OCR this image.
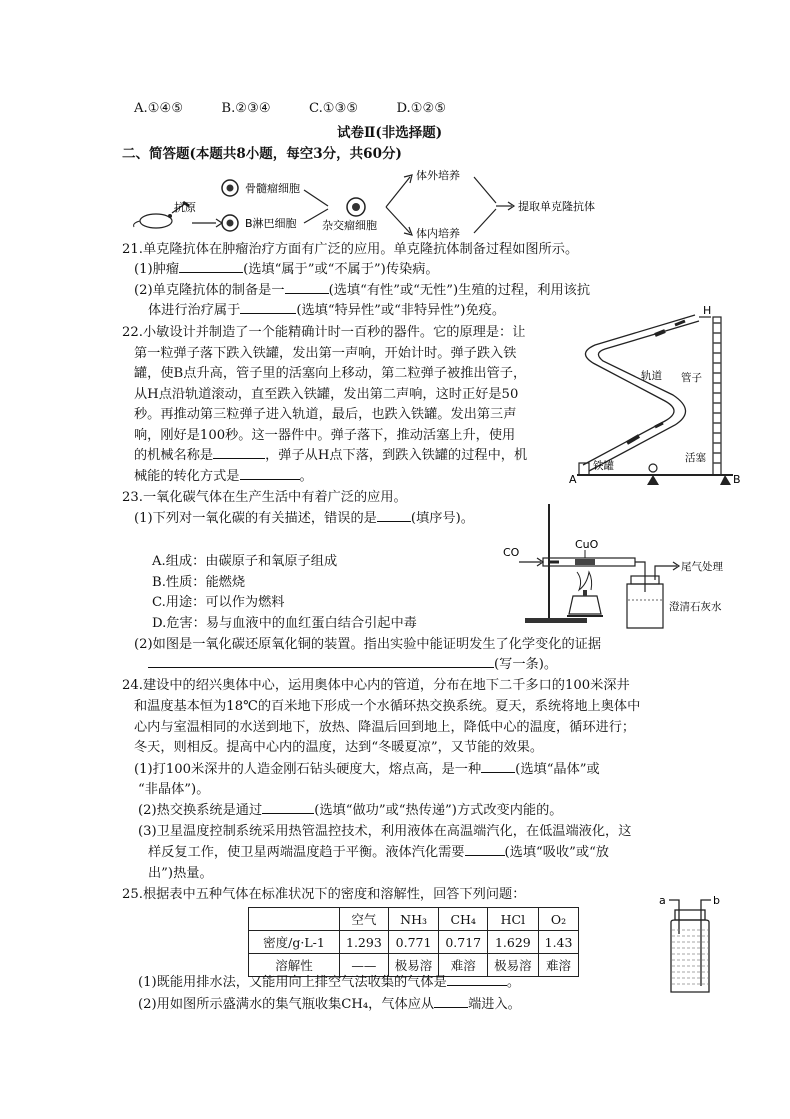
A.①④⑤	B.②③④	C.①③⑤	D.①②⑤
试卷Ⅱ(非选择题)
二、简答题(本题共8小题，每空3分，共60分)
抗原
骨髓瘤细胞
B淋巴细胞 杂交瘤细胞
体外培养
体内培养
提取单克隆抗体
21.单克隆抗体在肿瘤治疗方面有广泛的应用。单克隆抗体制备过程如图所示。
(1)肿瘤	(选填“属于”或“不属于”)传染病。
(2)单克隆抗体的制备是一	(选填“有性”或“无性”)生殖的过程，利用该抗
体进行治疗属于	(选填“特异性”或“非特异性”)免疫。
22.小敏设计并制造了一个能精确计时一百秒的器件。它的原理是：让
第一粒弹子落下跌入铁罐，发出第一声响，开始计时。弹子跌入铁
罐，使B点升高，管子里的活塞向上移动，第二粒弹子被推出管子，
从H点沿轨道滚动，直至跌入铁罐，发出第二声响，这时正好是50
秒。再推动第三粒弹子进入轨道，最后，也跌入铁罐。发出第三声
响，刚好是100秒。这一器件中。弹子落下，推动活塞上升，使用
的机械名称是	，弹子从H点下落，到跌入铁罐的过程中，机
械能的转化方式是	。
H
轨道 管子
铁罐
活塞
A	B
23.一氧化碳气体在生产生活中有着广泛的应用。
(1)下列对一氧化碳的有关描述，错误的是	(填序号)。
A.组成：由碳原子和氧原子组成
B.性质：能燃烧
C.用途：可以作为燃料
D.危害：易与血液中的血红蛋白结合引起中毒
(2)如图是一氧化碳还原氧化铜的装置。指出实验中能证明发生了化学变化的证据
(写一条)。
CO
CuO
尾气处理
澄清石灰水
24.建设中的绍兴奥体中心，运用奥体中心内的管道，分布在地下二千多口的100米深井
和温度基本恒为18℃的百米地下形成一个水循环热交换系统。夏天，系统将地上奥体中
心内与室温相同的水送到地下，放热、降温后回到地上，降低中心的温度，循环进行；
冬天，则相反。提高中心内的温度，达到“冬暖夏凉”，又节能的效果。
(1)打100米深井的人造金刚石钻头硬度大，熔点高，是一种	(选填“晶体”或
“非晶体”)。
(2)热交换系统是通过	(选填“做功”或“热传递”)方式改变内能的。
(3)卫星温度控制系统采用热管温控技术，利用液体在高温端汽化，在低温端液化，这
样反复工作，使卫星两端温度趋于平衡。液体汽化需要	(选填“吸收”或“放
出”)热量。
25.根据表中五种气体在标准状况下的密度和溶解性，回答下列问题：
	空气	NH₃	CH₄	HCl	O₂
密度/g·L-1	1.293	0.771	0.717	1.629	1.43
溶解性	——	极易溶	难溶	极易溶	难溶
(1)既能用排水法，又能用向上排空气法收集的气体是	。
(2)用如图所示盛满水的集气瓶收集CH₄，气体应从	端进入。
a	b
